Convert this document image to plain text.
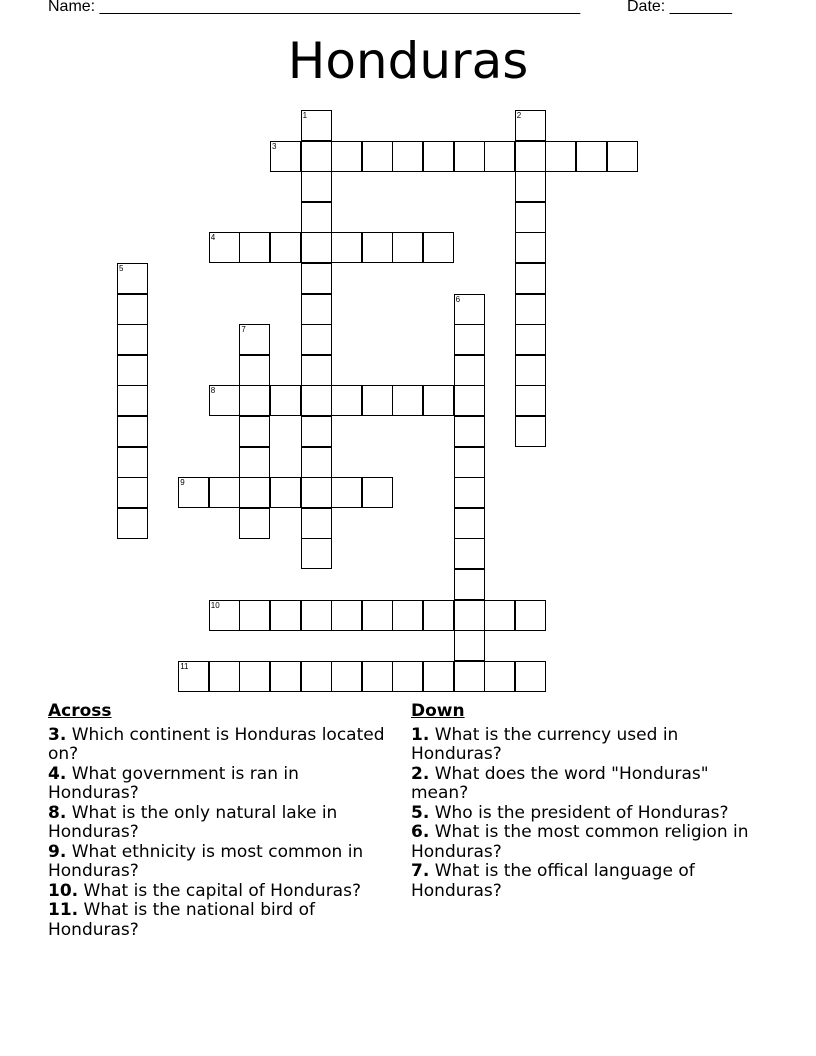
Name: ______________________________________________________	Date: _______
Honduras
1	2
3
4
5
6
7
8
9
10
11
Across
3. Which continent is Honduras located on?
4. What government is ran in Honduras?
8. What is the only natural lake in Honduras?
9. What ethnicity is most common in Honduras?
10. What is the capital of Honduras?
11. What is the national bird of Honduras?
Down
1. What is the currency used in Honduras?
2. What does the word "Honduras" mean?
5. Who is the president of Honduras?
6. What is the most common religion in Honduras?
7. What is the offical language of Honduras?
